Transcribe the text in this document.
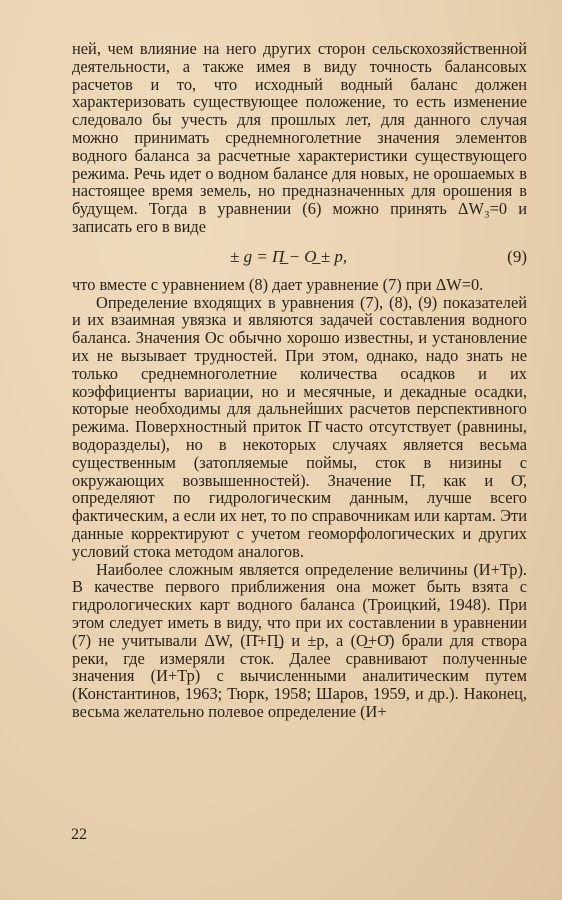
ней, чем влияние на него других сторон сельскохозяйственной деятельности, а также имея в виду точность балансовых расчетов и то, что исходный водный баланс должен характеризовать существующее положение, то есть изменение следовало бы учесть для прошлых лет, для данного случая можно принимать среднемноголетние значения элементов водного баланса за расчетные характеристики существующего режима. Речь идет о водном балансе для новых, не орошаемых в настоящее время земель, но предназначенных для орошения в будущем. Тогда в уравнении (6) можно принять ΔW₃=0 и записать его в виде

± g = П̲ − О̲ ± p,	(9)

что вместе с уравнением (8) дает уравнение (7) при ΔW=0.

Определение входящих в уравнения (7), (8), (9) показателей и их взаимная увязка и являются задачей составления водного баланса. Значения Ос обычно хорошо известны, и установление их не вызывает трудностей. При этом, однако, надо знать не только среднемноголетние количества осадков и их коэффициенты вариации, но и месячные, и декадные осадки, которые необходимы для дальнейших расчетов перспективного режима. Поверхностный приток П̄ часто отсутствует (равнины, водоразделы), но в некоторых случаях является весьма существенным (затопляемые поймы, сток в низины с окружающих возвышенностей). Значение П̄, как и О̄, определяют по гидрологическим данным, лучше всего фактическим, а если их нет, то по справочникам или картам. Эти данные корректируют с учетом геоморфологических и других условий стока методом аналогов.

Наиболее сложным является определение величины (И+Тр). В качестве первого приближения она может быть взята с гидрологических карт водного баланса (Троицкий, 1948). При этом следует иметь в виду, что при их составлении в уравнении (7) не учитывали ΔW, (П̄+П̲) и ±p, а (О̲+О̄) брали для створа реки, где измеряли сток. Далее сравнивают полученные значения (И+Тр) с вычисленными аналитическим путем (Константинов, 1963; Тюрк, 1958; Шаров, 1959, и др.). Наконец, весьма желательно полевое определение (И+

22
